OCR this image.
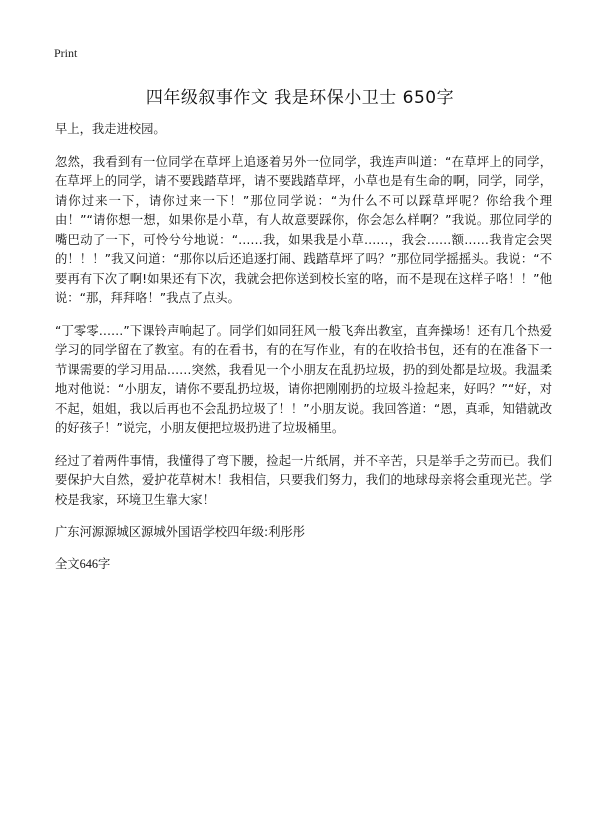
Print
四年级叙事作文 我是环保小卫士 650字

早上，我走进校园。

忽然，我看到有一位同学在草坪上追逐着另外一位同学，我连声叫道：“在草坪上的同学，在草坪上的同学，请不要践踏草坪，请不要践踏草坪，小草也是有生命的啊，同学，同学，请你过来一下，请你过来一下！”那位同学说：“为什么不可以踩草坪呢？你给我个理由！”“请你想一想，如果你是小草，有人故意要踩你，你会怎么样啊？”我说。那位同学的嘴巴动了一下，可怜兮兮地说：“……我，如果我是小草……，我会……额……我肯定会哭的！！！”我又问道：“那你以后还追逐打闹、践踏草坪了吗？”那位同学摇摇头。我说：“不要再有下次了啊!如果还有下次，我就会把你送到校长室的咯，而不是现在这样子咯！！”他说：“那，拜拜咯！”我点了点头。

“丁零零……”下课铃声响起了。同学们如同狂风一般飞奔出教室，直奔操场！还有几个热爱学习的同学留在了教室。有的在看书，有的在写作业，有的在收拾书包，还有的在准备下一节课需要的学习用品……突然，我看见一个小朋友在乱扔垃圾，扔的到处都是垃圾。我温柔地对他说：“小朋友，请你不要乱扔垃圾，请你把刚刚扔的垃圾斗捡起来，好吗？”“好，对不起，姐姐，我以后再也不会乱扔垃圾了！！”小朋友说。我回答道：“恩，真乖，知错就改的好孩子！”说完，小朋友便把垃圾扔进了垃圾桶里。

经过了着两件事情，我懂得了弯下腰，捡起一片纸屑，并不辛苦，只是举手之劳而已。我们要保护大自然，爱护花草树木！我相信，只要我们努力，我们的地球母亲将会重现光芒。学校是我家，环境卫生靠大家！

广东河源源城区源城外国语学校四年级:利彤彤

全文646字
